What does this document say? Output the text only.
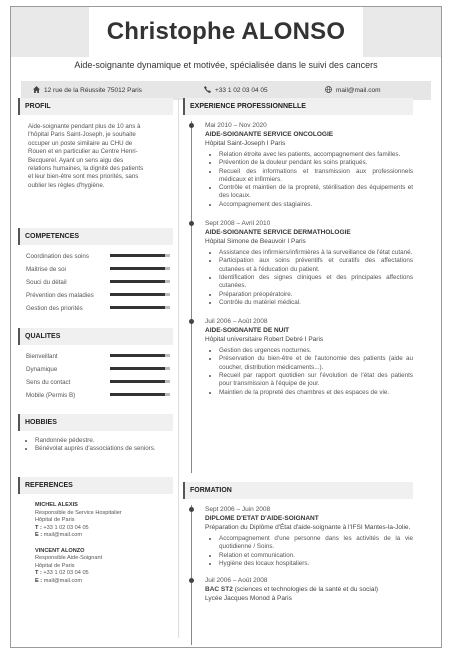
Christophe ALONSO
Aide-soignante dynamique et motivée, spécialisée dans le suivi des cancers
12 rue de la Réussite 75012 Paris	+33 1 02 03 04 05	mail@mail.com
PROFIL
Aide-soignante pendant plus de 10 ans à l'hôpital Paris Saint-Joseph, je souhaite occuper un poste similaire au CHU de Rouen et en particulier au Centre Henri-Becquerel. Ayant un sens aigu des relations humaines, la dignité des patients et leur bien-être sont mes priorités, sans oublier les règles d'hygiène.
COMPETENCES
Coordination des soins
Maitrise de soi
Souci du détail
Prévention des maladies
Gestion des priorités
QUALITES
Bienveillant
Dynamique
Sens du contact
Mobile (Permis B)
HOBBIES
• Randonnée pédestre.
• Bénévolat auprès d'associations de seniors.
REFERENCES
MICHEL ALEXIS
Responsible de Service Hospitalier
Hôpital de Paris
T : +33 1 02 03 04 05
E : mail@mail.com
VINCENT ALONZO
Responsible Aide-Soignant
Hôpital de Paris
T : +33 1 02 03 04 05
E : mail@mail.com
EXPERIENCE PROFESSIONNELLE
Mai 2010 – Nov 2020
AIDE-SOIGNANTE SERVICE ONCOLOGIE
Hôpital Saint-Joseph I Paris
• Relation étroite avec les patients, accompagnement des familles.
• Prévention de la douleur pendant les soins pratiqués.
• Recueil des informations et transmission aux professionnels médicaux et infirmiers.
• Contrôle et maintien de la propreté, stérilisation des équipements et des locaux.
• Accompagnement des stagiaires.
Sept 2008 – Avril 2010
AIDE-SOIGNANTE SERVICE DERMATHOLOGIE
Hôpital Simone de Beauvoir I Paris
• Assistance des infirmiers/infirmières à la surveillance de l'état cutané.
• Participation aux soins préventifs et curatifs des affectations cutanées et à l'éducation du patient.
• Identification des signes cliniques et des principales affections cutanées.
• Préparation préopératoire.
• Contrôle du matériel médical.
Juil 2006 – Août 2008
AIDE-SOIGNANTE DE NUIT
Hôpital universitaire Robert Debré I Paris
• Gestion des urgences nocturnes.
• Préservation du bien-être et de l'autonomie des patients (aide au coucher, distribution médicaments...).
• Recueil par rapport quotidien sur l'évolution de l'état des patients pour transmission à l'équipe de jour.
• Maintien de la propreté des chambres et des espaces de vie.
FORMATION
Sept 2006 – Juin 2008
DIPLOME D'ETAT D'AIDE-SOIGNANT
Préparation du Diplôme d'État d'aide-soignante à l'IFSI Mantes-la-Jolie.
• Accompagnement d'une personne dans les activités de la vie quotidienne / Soins.
• Relation et communication.
• Hygiène des locaux hospitaliers.
Juil 2006 – Août 2008
BAC ST2 (sciences et technologies de la santé et du social)
Lycée Jacques Monod à Paris
